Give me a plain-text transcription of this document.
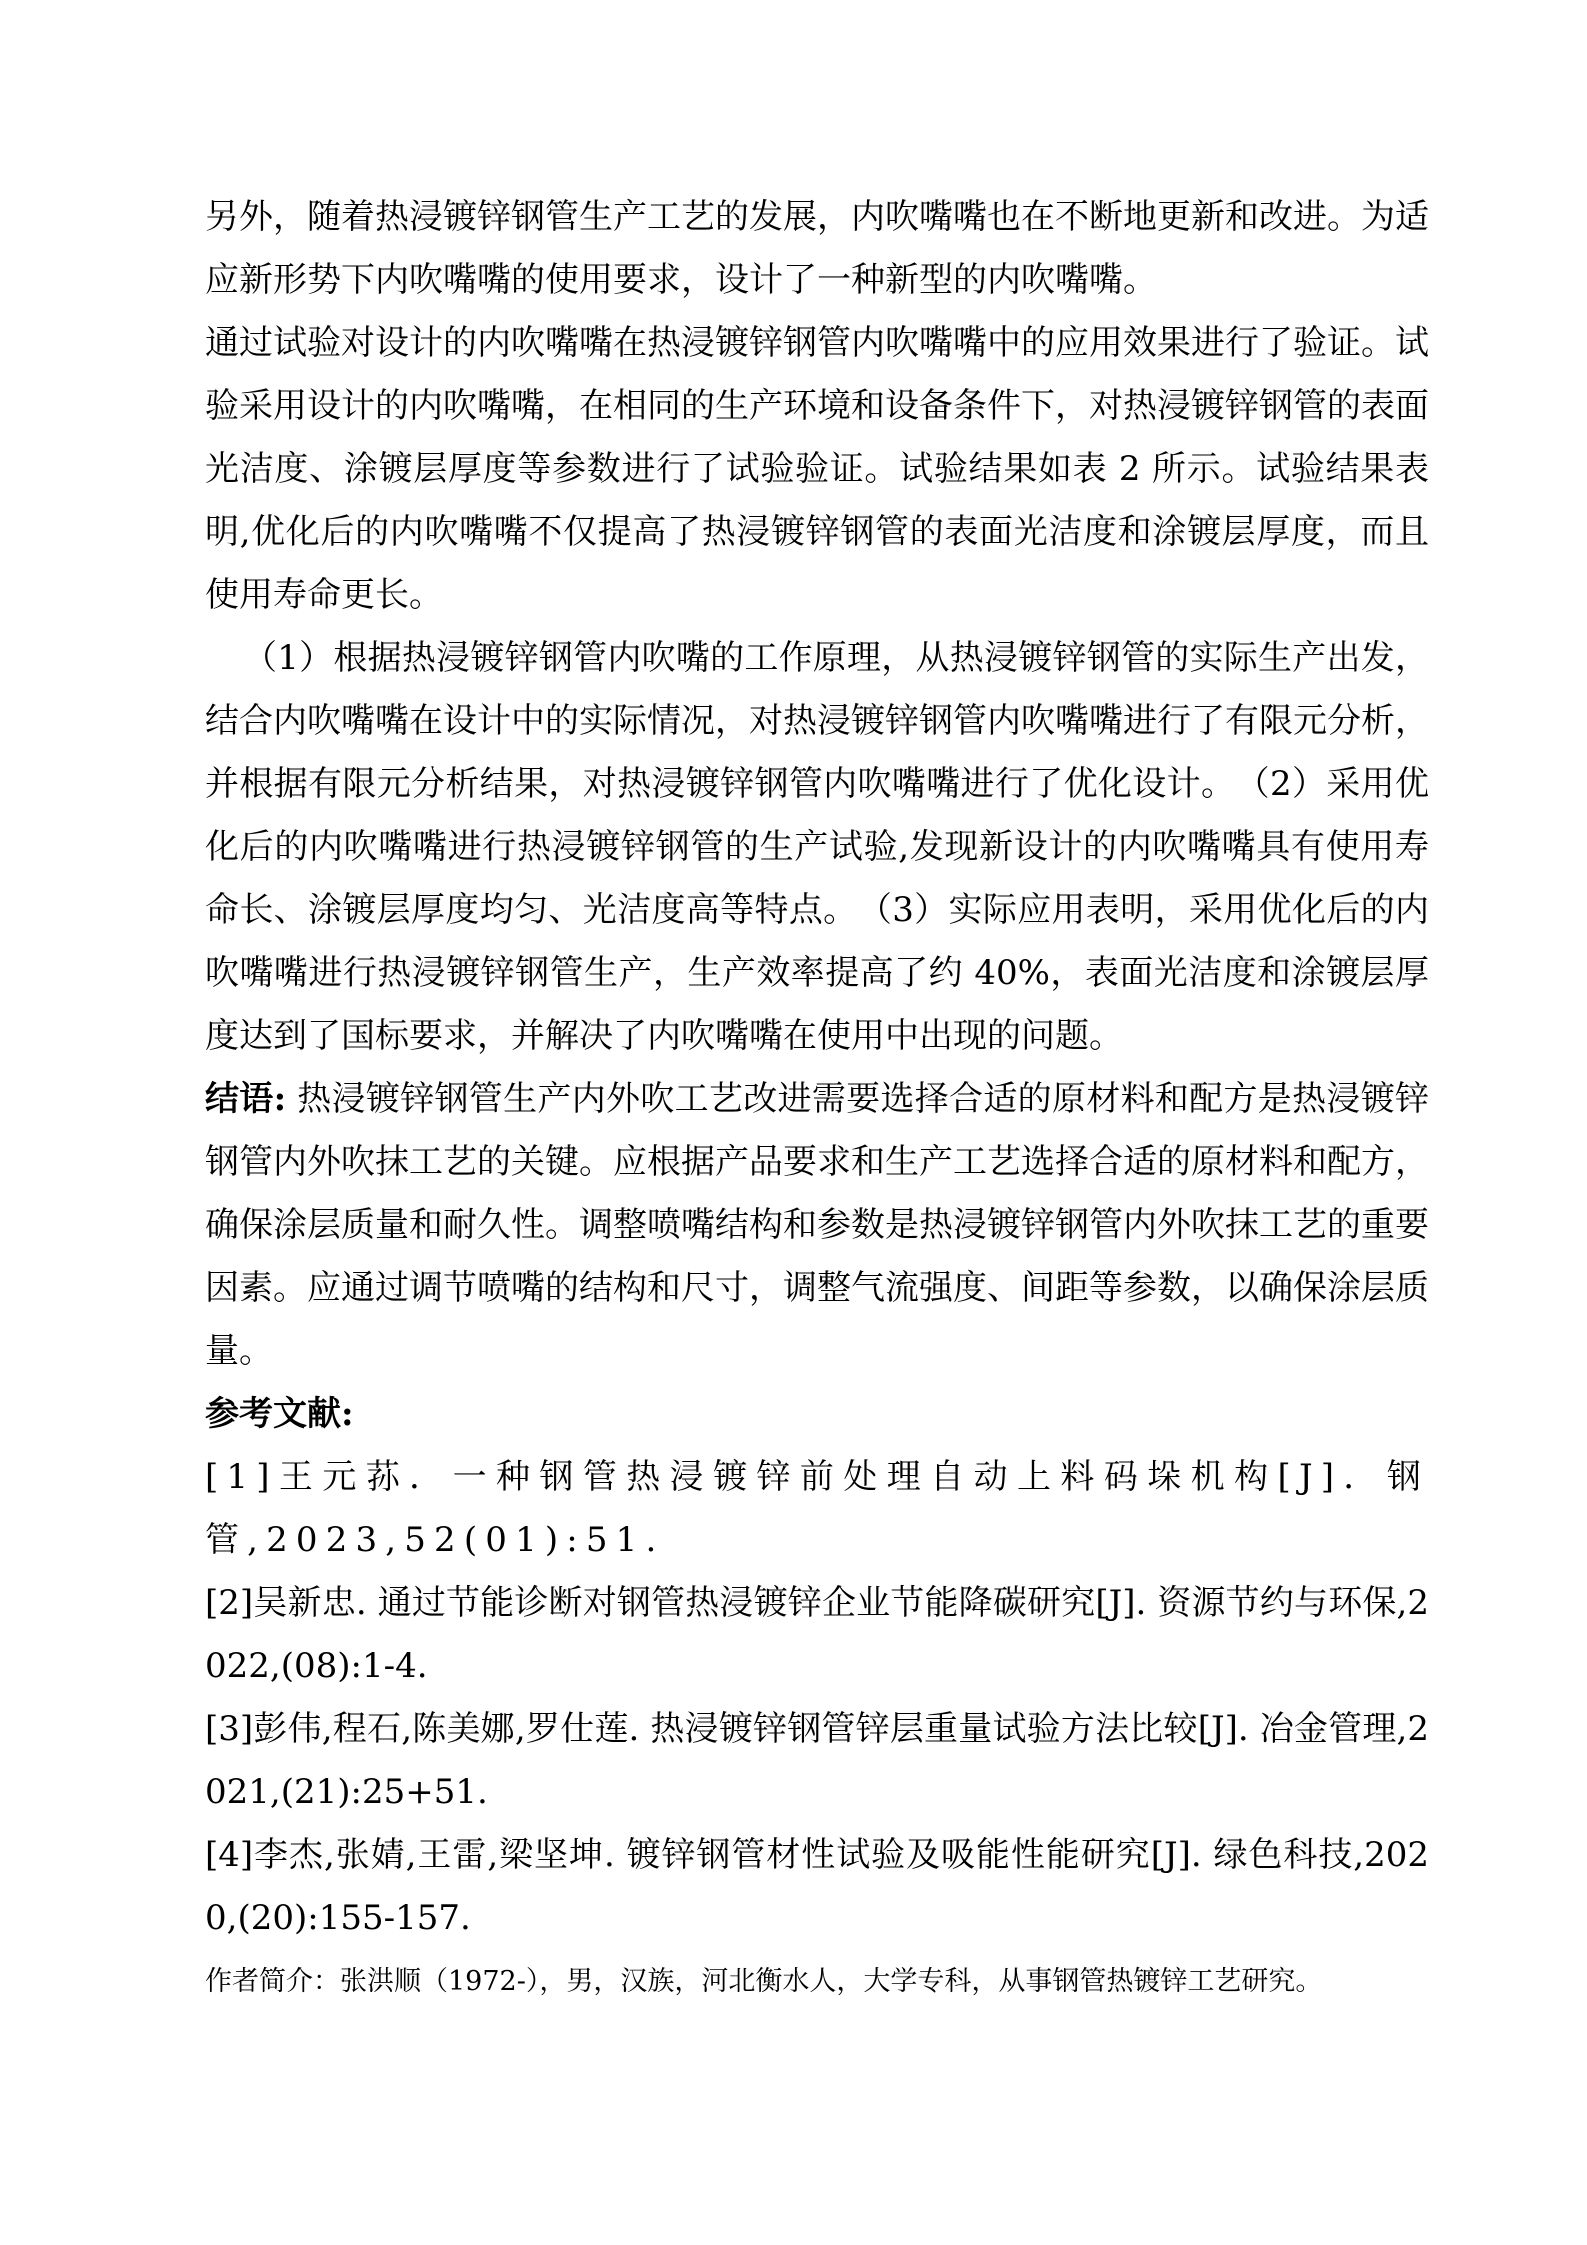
另外，随着热浸镀锌钢管生产工艺的发展，内吹嘴嘴也在不断地更新和改进。为适应新形势下内吹嘴嘴的使用要求，设计了一种新型的内吹嘴嘴。

通过试验对设计的内吹嘴嘴在热浸镀锌钢管内吹嘴嘴中的应用效果进行了验证。试验采用设计的内吹嘴嘴，在相同的生产环境和设备条件下，对热浸镀锌钢管的表面光洁度、涂镀层厚度等参数进行了试验验证。试验结果如表 2 所示。试验结果表明,优化后的内吹嘴嘴不仅提高了热浸镀锌钢管的表面光洁度和涂镀层厚度，而且使用寿命更长。

（1）根据热浸镀锌钢管内吹嘴的工作原理，从热浸镀锌钢管的实际生产出发，结合内吹嘴嘴在设计中的实际情况，对热浸镀锌钢管内吹嘴嘴进行了有限元分析，并根据有限元分析结果，对热浸镀锌钢管内吹嘴嘴进行了优化设计。　（2）采用优化后的内吹嘴嘴进行热浸镀锌钢管的生产试验,发现新设计的内吹嘴嘴具有使用寿命长、涂镀层厚度均匀、光洁度高等特点。　（3）实际应用表明，采用优化后的内吹嘴嘴进行热浸镀锌钢管生产，生产效率提高了约 40%，表面光洁度和涂镀层厚度达到了国标要求，并解决了内吹嘴嘴在使用中出现的问题。

结语: 热浸镀锌钢管生产内外吹工艺改进需要选择合适的原材料和配方是热浸镀锌钢管内外吹抹工艺的关键。应根据产品要求和生产工艺选择合适的原材料和配方，确保涂层质量和耐久性。调整喷嘴结构和参数是热浸镀锌钢管内外吹抹工艺的重要因素。应通过调节喷嘴的结构和尺寸，调整气流强度、间距等参数，以确保涂层质量。

参考文献:

[1]王元荪．一种钢管热浸镀锌前处理自动上料码垛机构[J]．钢管,2023,52(01):51.

[2]吴新忠. 通过节能诊断对钢管热浸镀锌企业节能降碳研究[J]. 资源节约与环保,2022,(08):1-4.

[3]彭伟,程石,陈美娜,罗仕莲. 热浸镀锌钢管锌层重量试验方法比较[J]. 冶金管理,2021,(21):25+51.

[4]李杰,张婧,王雷,梁坚坤. 镀锌钢管材性试验及吸能性能研究[J]. 绿色科技,2020,(20):155-157.

作者简介：张洪顺（1972-），男，汉族，河北衡水人，大学专科，从事钢管热镀锌工艺研究。
